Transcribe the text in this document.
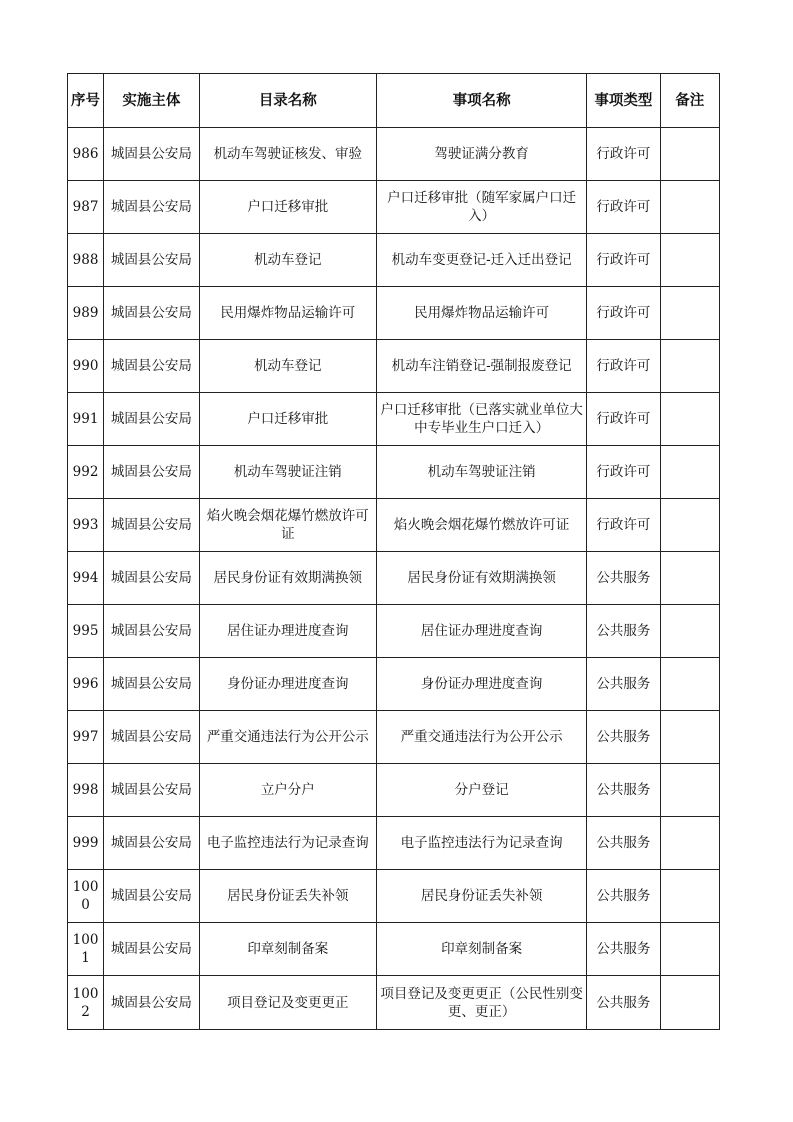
序号	实施主体	目录名称	事项名称	事项类型	备注
986	城固县公安局	机动车驾驶证核发、审验	驾驶证满分教育	行政许可	
987	城固县公安局	户口迁移审批	户口迁移审批（随军家属户口迁入）	行政许可	
988	城固县公安局	机动车登记	机动车变更登记-迁入迁出登记	行政许可	
989	城固县公安局	民用爆炸物品运输许可	民用爆炸物品运输许可	行政许可	
990	城固县公安局	机动车登记	机动车注销登记-强制报废登记	行政许可	
991	城固县公安局	户口迁移审批	户口迁移审批（已落实就业单位大中专毕业生户口迁入）	行政许可	
992	城固县公安局	机动车驾驶证注销	机动车驾驶证注销	行政许可	
993	城固县公安局	焰火晚会烟花爆竹燃放许可证	焰火晚会烟花爆竹燃放许可证	行政许可	
994	城固县公安局	居民身份证有效期满换领	居民身份证有效期满换领	公共服务	
995	城固县公安局	居住证办理进度查询	居住证办理进度查询	公共服务	
996	城固县公安局	身份证办理进度查询	身份证办理进度查询	公共服务	
997	城固县公安局	严重交通违法行为公开公示	严重交通违法行为公开公示	公共服务	
998	城固县公安局	立户分户	分户登记	公共服务	
999	城固县公安局	电子监控违法行为记录查询	电子监控违法行为记录查询	公共服务	
1000	城固县公安局	居民身份证丢失补领	居民身份证丢失补领	公共服务	
1001	城固县公安局	印章刻制备案	印章刻制备案	公共服务	
1002	城固县公安局	项目登记及变更更正	项目登记及变更更正（公民性别变更、更正）	公共服务	
